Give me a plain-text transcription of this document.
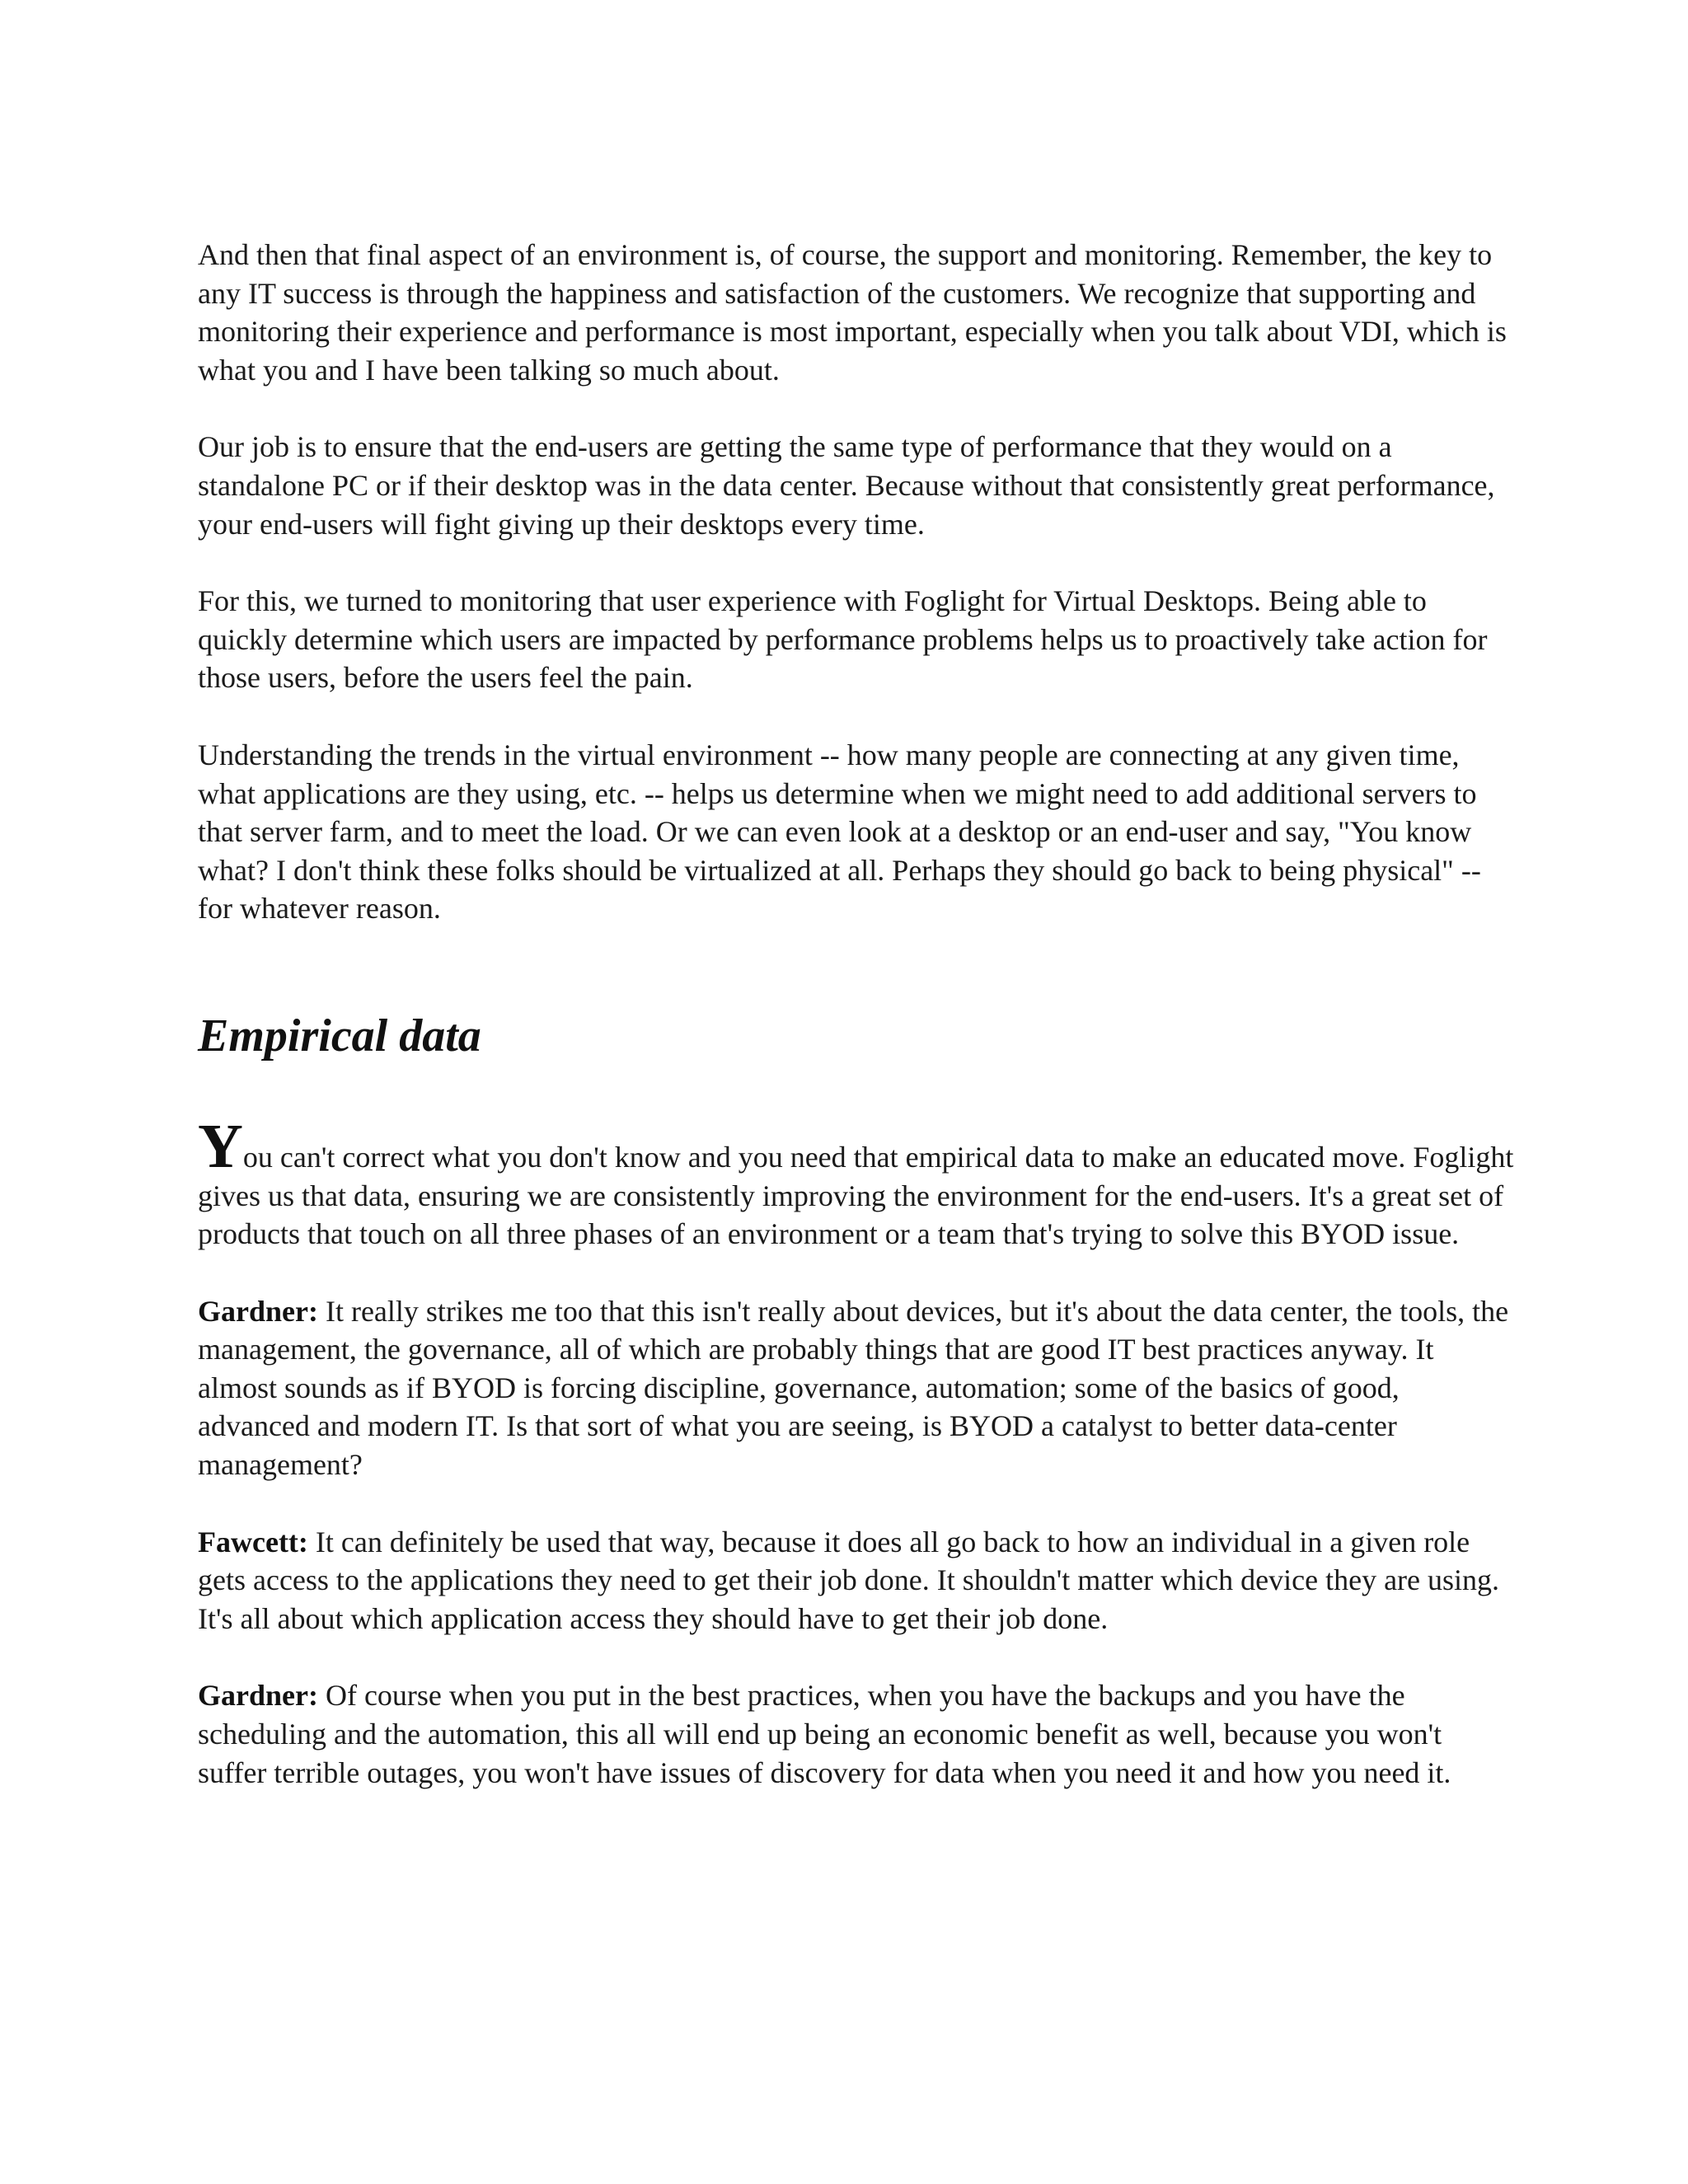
And then that final aspect of an environment is, of course, the support and monitoring. Remember, the key to any IT success is through the happiness and satisfaction of the customers. We recognize that supporting and monitoring their experience and performance is most important, especially when you talk about VDI, which is what you and I have been talking so much about.

Our job is to ensure that the end-users are getting the same type of performance that they would on a standalone PC or if their desktop was in the data center. Because without that consistently great performance, your end-users will fight giving up their desktops every time.

For this, we turned to monitoring that user experience with Foglight for Virtual Desktops. Being able to quickly determine which users are impacted by performance problems helps us to proactively take action for those users, before the users feel the pain.

Understanding the trends in the virtual environment -- how many people are connecting at any given time, what applications are they using, etc. -- helps us determine when we might need to add additional servers to that server farm, and to meet the load. Or we can even look at a desktop or an end-user and say, "You know what? I don't think these folks should be virtualized at all. Perhaps they should go back to being physical" -- for whatever reason.

Empirical data

You can't correct what you don't know and you need that empirical data to make an educated move. Foglight gives us that data, ensuring we are consistently improving the environment for the end-users. It's a great set of products that touch on all three phases of an environment or a team that's trying to solve this BYOD issue.

Gardner: It really strikes me too that this isn't really about devices, but it's about the data center, the tools, the management, the governance, all of which are probably things that are good IT best practices anyway. It almost sounds as if BYOD is forcing discipline, governance, automation; some of the basics of good, advanced and modern IT. Is that sort of what you are seeing, is BYOD a catalyst to better data-center management?

Fawcett: It can definitely be used that way, because it does all go back to how an individual in a given role gets access to the applications they need to get their job done. It shouldn't matter which device they are using. It's all about which application access they should have to get their job done.

Gardner: Of course when you put in the best practices, when you have the backups and you have the scheduling and the automation, this all will end up being an economic benefit as well, because you won't suffer terrible outages, you won't have issues of discovery for data when you need it and how you need it.
